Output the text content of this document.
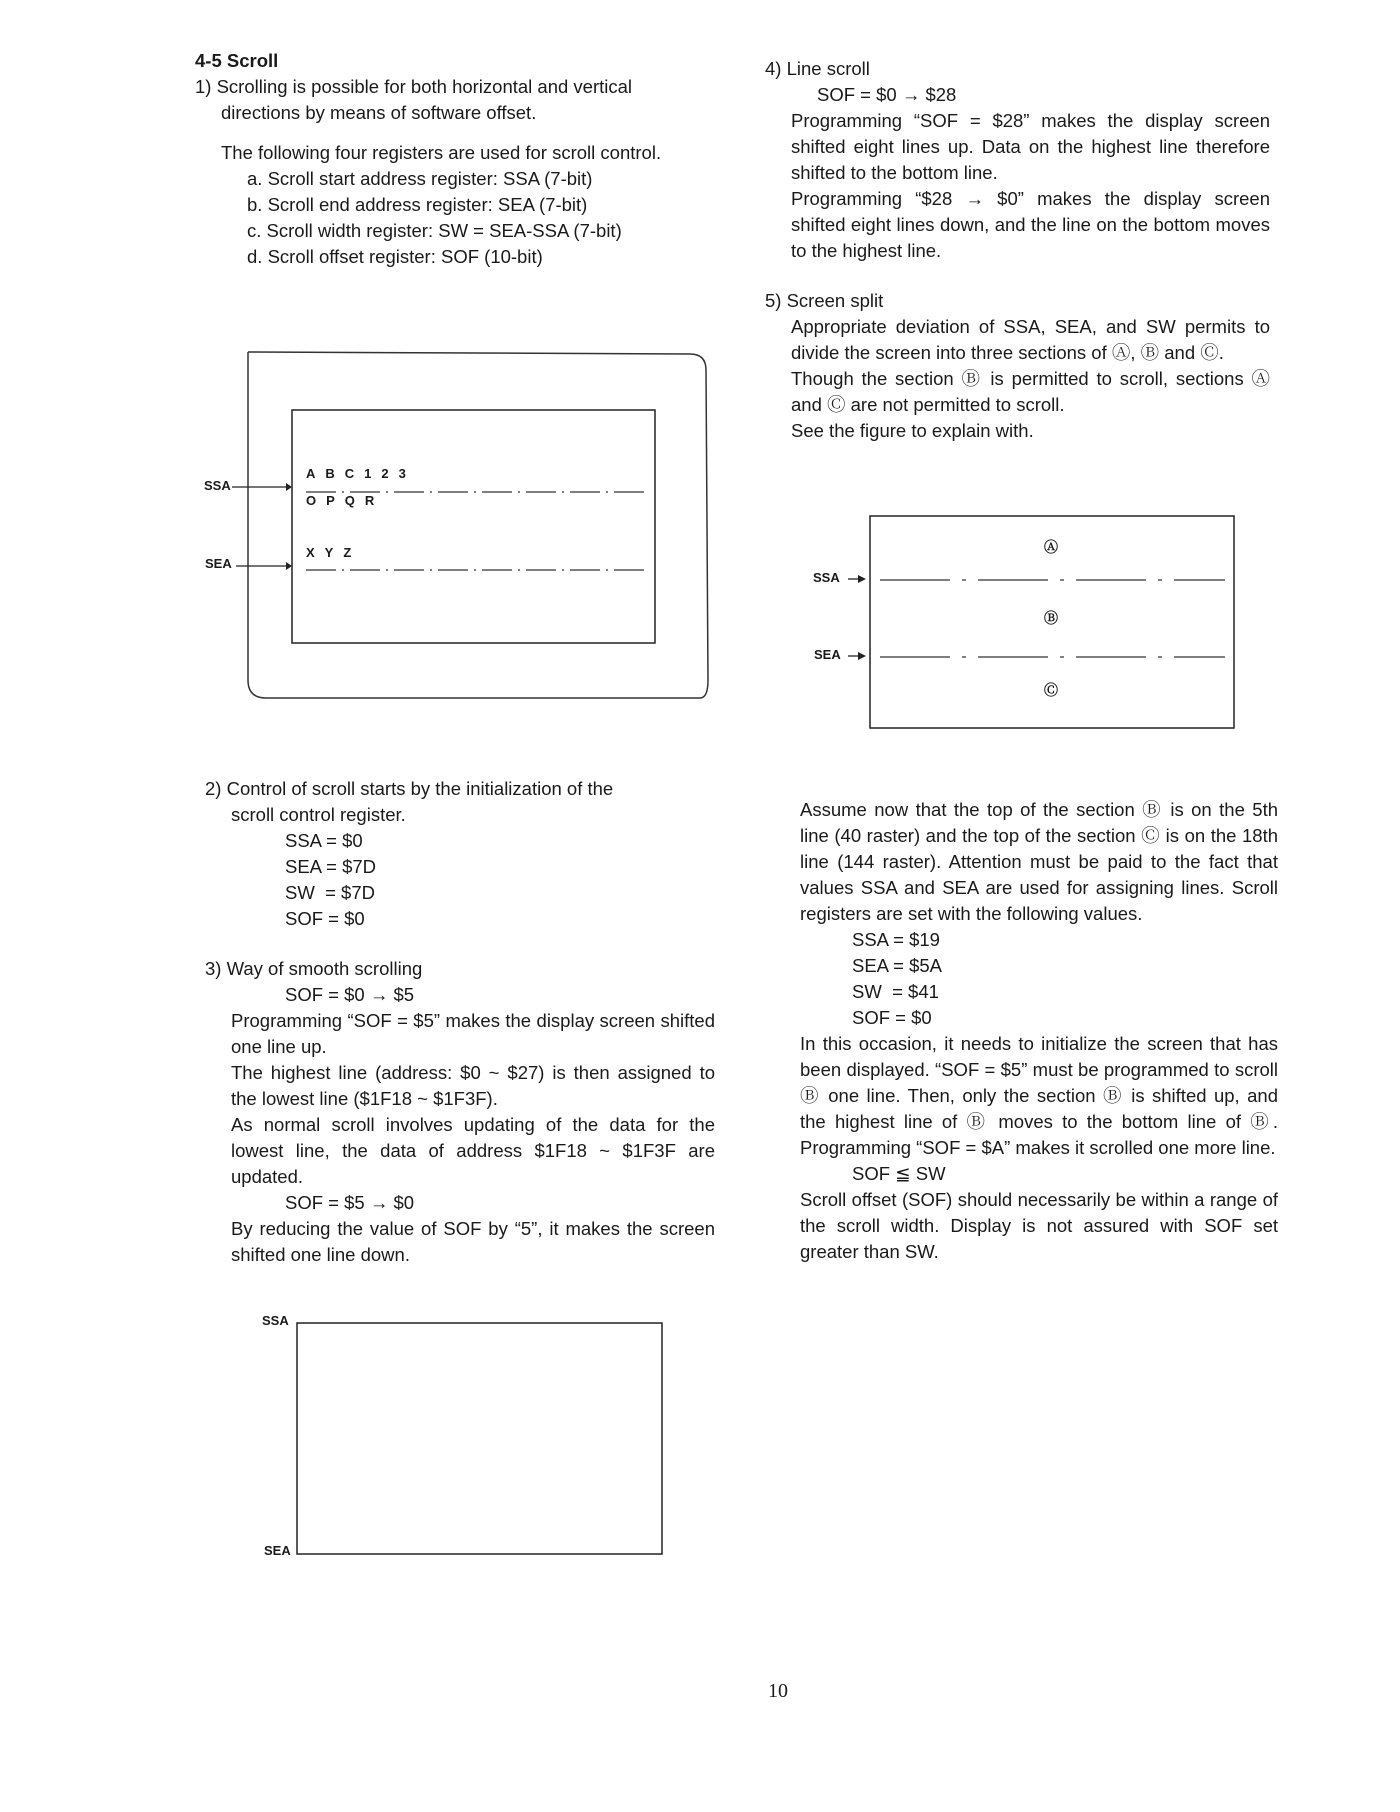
4-5 Scroll

1) Scrolling is possible for both horizontal and vertical

directions by means of software offset.

The following four registers are used for scroll control.

a. Scroll start address register: SSA (7-bit)

b. Scroll end address register: SEA (7-bit)

c. Scroll width register: SW = SEA-SSA (7-bit)

d. Scroll offset register: SOF (10-bit)

SSA
SEA
ABC123
OPQR
XYZ

2) Control of scroll starts by the initialization of the

scroll control register.

SSA = $0

SEA = $7D

SW  = $7D

SOF = $0

3) Way of smooth scrolling

SOF = $0 → $5

Programming “SOF = $5” makes the display screen shifted one line up.

The highest line (address: $0 ~ $27) is then assigned to the lowest line ($1F18 ~ $1F3F).

As normal scroll involves updating of the data for the lowest line, the data of address $1F18 ~ $1F3F are updated.

SOF = $5 → $0

By reducing the value of SOF by “5”, it makes the screen shifted one line down.

SSA
SEA

4) Line scroll

SOF = $0 → $28

Programming “SOF = $28” makes the display screen shifted eight lines up. Data on the highest line therefore shifted to the bottom line.

Programming “$28 → $0” makes the display screen shifted eight lines down, and the line on the bottom moves to the highest line.

5) Screen split

Appropriate deviation of SSA, SEA, and SW permits to divide the screen into three sections of Ⓐ, Ⓑ and Ⓒ.

Though the section Ⓑ is permitted to scroll, sections Ⓐ and Ⓒ are not permitted to scroll.

See the figure to explain with.

SSA
SEA
Ⓐ
Ⓑ
Ⓒ

Assume now that the top of the section Ⓑ is on the 5th line (40 raster) and the top of the section Ⓒ is on the 18th line (144 raster). Attention must be paid to the fact that values SSA and SEA are used for assigning lines. Scroll registers are set with the following values.

SSA = $19

SEA = $5A

SW  = $41

SOF = $0

In this occasion, it needs to initialize the screen that has been displayed. “SOF = $5” must be programmed to scroll Ⓑ one line. Then, only the section Ⓑ is shifted up, and the highest line of Ⓑ moves to the bottom line of Ⓑ. Programming “SOF = $A” makes it scrolled one more line.

SOF ≦ SW

Scroll offset (SOF) should necessarily be within a range of the scroll width. Display is not assured with SOF set greater than SW.

10
